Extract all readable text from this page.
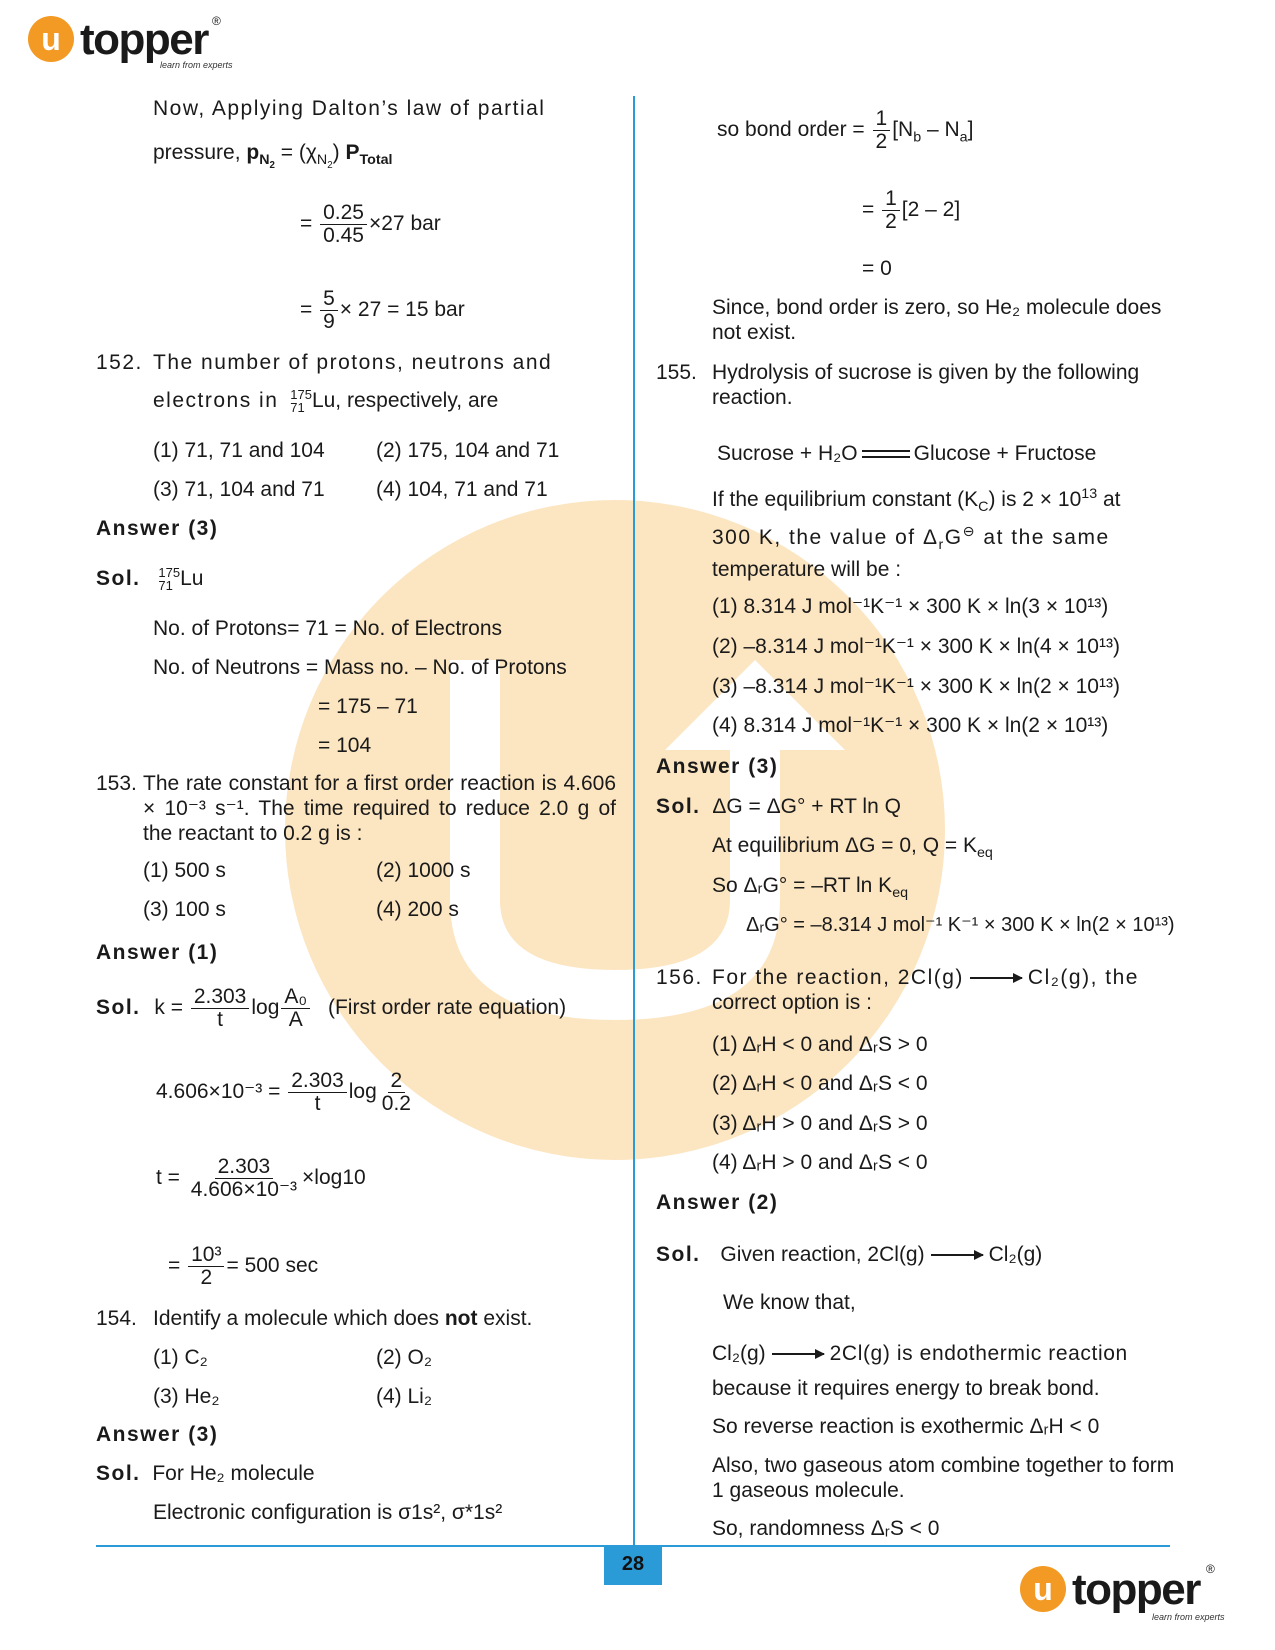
u topper ®
learn from experts
28
u topper ®
learn from experts
Now, Applying Dalton’s law of partial
pressure, $p_{N_2} = (\chi_{N_2})$ $P_{Total}$
= $\frac{0.25}{0.45} \times 27$ bar
= $\frac{5}{9} \times 27 = 15$ bar
152. The number of protons, neutrons and
electrons in 175
71 Lu, respectively, are
(1) 71, 71 and 104 (2) 175, 104 and 71
(3) 71, 104 and 71 (4) 104, 71 and 71
Answer (3)
Sol. 175
71 Lu
No. of Protons= 71 = No. of Electrons
No. of Neutrons = Mass no. – No. of Protons
= 175 – 71
= 104
153. The rate constant for a first order reaction is 4.606 × 10⁻³ s⁻¹. The time required to reduce 2.0 g of the reactant to 0.2 g is :
(1) 500 s	(2) 1000 s
(3) 100 s	(4) 200 s
Answer (1)
Sol. $k = \frac{2.303}{t}$ $\log \frac{\text{A₀}}{A}$ (First order rate equation)
$4.606\times 10^{-3} = \frac{2.303}{t}$ $\log \frac{2}{0.2}$
$t = \frac{2.303}{\text{4.606×10⁻³}} \times\log 10$
= $\frac{\text{10³}}{2} = 500$ sec
154. Identify a molecule which does not exist.
(1) C₂	(2) O₂
(3) He₂	(4) Li₂
Answer (3)
Sol. For He₂ molecule
Electronic configuration is σ1s², σ*1s²
so bond order = $\frac{1}{2} [N_b - N_a]$
= $\frac{1}{2} [2 - 2]$
= 0
Since, bond order is zero, so He₂ molecule does not exist.
155. Hydrolysis of sucrose is given by the following reaction.
Sucrose + H₂O	Glucose + Fructose
If the equilibrium constant $(K_C)$ is $2 \times 10^{13}$ at
300 K, the value of $\Delta_rG^⊖$ at the same
temperature will be :
(1) 8.314 J mol⁻¹K⁻¹ × 300 K × ln(3 × 10¹³)
(2) –8.314 J mol⁻¹K⁻¹ × 300 K × ln(4 × 10¹³)
(3) –8.314 J mol⁻¹K⁻¹ × 300 K × ln(2 × 10¹³)
(4) 8.314 J mol⁻¹K⁻¹ × 300 K × ln(2 × 10¹³)
Answer (3)
Sol. ΔG = ΔG° + RT ln Q
At equilibrium ΔG = 0, $Q = K_{eq}$
So ΔᵣG° = –RT $\ln K_{eq}$
ΔᵣG° = –8.314 J mol⁻¹ K⁻¹ × 300 K × ln(2 × 10¹³)
156. For the reaction, 2Cl(g) → Cl₂(g), the
correct option is :
(1) ΔᵣH < 0 and ΔᵣS > 0
(2) ΔᵣH < 0 and ΔᵣS < 0
(3) ΔᵣH > 0 and ΔᵣS > 0
(4) ΔᵣH > 0 and ΔᵣS < 0
Answer (2)
Sol. Given reaction, 2Cl(g) → Cl₂(g)
We know that,
Cl₂(g) → 2Cl(g) is endothermic reaction
because it requires energy to break bond.
So reverse reaction is exothermic ΔᵣH < 0
Also, two gaseous atom combine together to form 1 gaseous molecule.
So, randomness ΔᵣS < 0
